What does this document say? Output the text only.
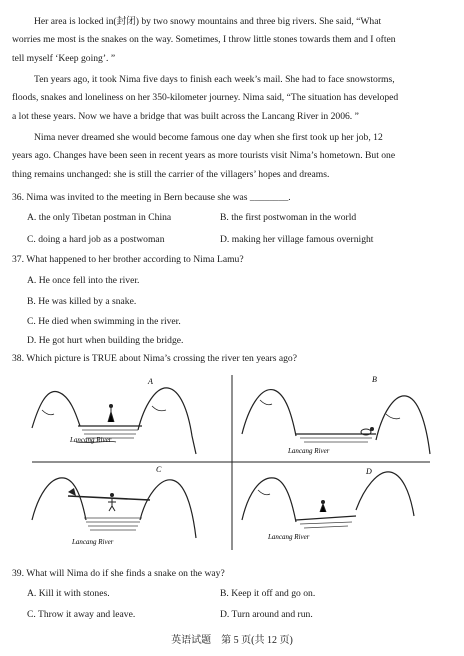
Her area is locked in(封闭) by two snowy mountains and three big rivers. She said, “What
worries me most is the snakes on the way. Sometimes, I throw little stones towards them and I often
tell myself ‘Keep going’. ”
Ten years ago, it took Nima five days to finish each week’s mail. She had to face snowstorms,
floods, snakes and loneliness on her 350-kilometer journey. Nima said, “The situation has developed
a lot these years. Now we have a bridge that was built across the Lancang River in 2006. ”
Nima never dreamed she would become famous one day when she first took up her job, 12
years ago. Changes have been seen in recent years as more tourists visit Nima’s hometown. But one
thing remains unchanged: she is still the carrier of the villagers’ hopes and dreams.
36. Nima was invited to the meeting in Bern because she was ________.
A. the only Tibetan postman in China	B. the first postwoman in the world
C. doing a hard job as a postwoman	D. making her village famous overnight
37. What happened to her brother according to Nima Lamu?
A. He once fell into the river.
B. He was killed by a snake.
C. He died when swimming in the river.
D. He got hurt when building the bridge.
38. Which picture is TRUE about Nima’s crossing the river ten years ago?
A
Lancang River
B
Lancang River
C
Lancang River
D
Lancang River
39. What will Nima do if she finds a snake on the way?
A. Kill it with stones.	B. Keep it off and go on.
C. Throw it away and leave.	D. Turn around and run.
英语试题　第 5 页(共 12 页)
